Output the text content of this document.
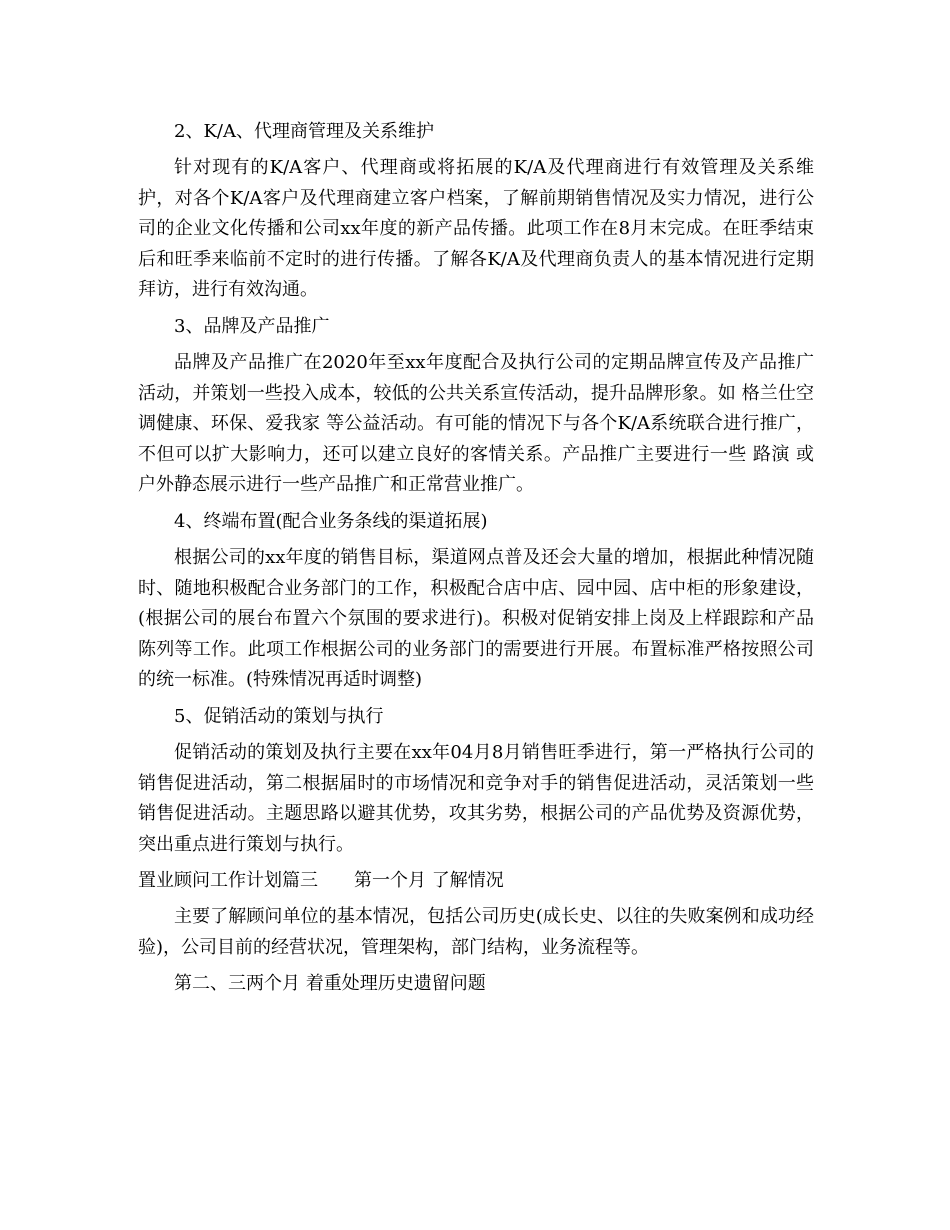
2、K/A、代理商管理及关系维护
针对现有的K/A客户、代理商或将拓展的K/A及代理商进行有效管理及关系维护，对各个K/A客户及代理商建立客户档案，了解前期销售情况及实力情况，进行公司的企业文化传播和公司xx年度的新产品传播。此项工作在8月末完成。在旺季结束后和旺季来临前不定时的进行传播。了解各K/A及代理商负责人的基本情况进行定期拜访，进行有效沟通。
3、品牌及产品推广
品牌及产品推广在2020年至xx年度配合及执行公司的定期品牌宣传及产品推广活动，并策划一些投入成本，较低的公共关系宣传活动，提升品牌形象。如 格兰仕空调健康、环保、爱我家 等公益活动。有可能的情况下与各个K/A系统联合进行推广，不但可以扩大影响力，还可以建立良好的客情关系。产品推广主要进行一些 路演 或户外静态展示进行一些产品推广和正常营业推广。
4、终端布置(配合业务条线的渠道拓展)
根据公司的xx年度的销售目标，渠道网点普及还会大量的增加，根据此种情况随时、随地积极配合业务部门的工作，积极配合店中店、园中园、店中柜的形象建设，(根据公司的展台布置六个氛围的要求进行)。积极对促销安排上岗及上样跟踪和产品陈列等工作。此项工作根据公司的业务部门的需要进行开展。布置标准严格按照公司的统一标准。(特殊情况再适时调整)
5、促销活动的策划与执行
促销活动的策划及执行主要在xx年04月8月销售旺季进行，第一严格执行公司的销售促进活动，第二根据届时的市场情况和竞争对手的销售促进活动，灵活策划一些销售促进活动。主题思路以避其优势，攻其劣势，根据公司的产品优势及资源优势，突出重点进行策划与执行。
置业顾问工作计划篇三 第一个月 了解情况
主要了解顾问单位的基本情况，包括公司历史(成长史、以往的失败案例和成功经验)，公司目前的经营状况，管理架构，部门结构，业务流程等。
第二、三两个月 着重处理历史遗留问题
